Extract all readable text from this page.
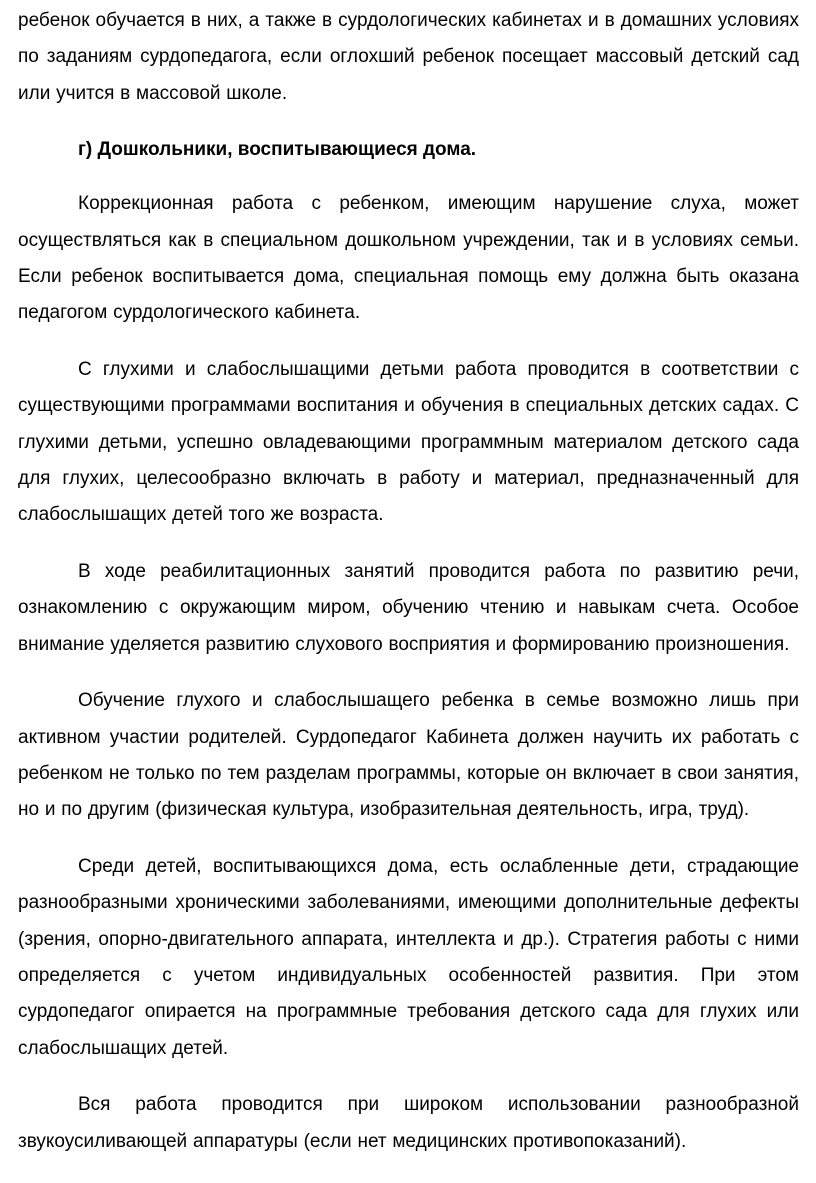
ребенок обучается в них, а также в сурдологических кабинетах и в домашних условиях по заданиям сурдопедагога, если оглохший ребенок посещает массовый детский сад или учится в массовой школе.

г) Дошкольники, воспитывающиеся дома.

Коррекционная работа с ребенком, имеющим нарушение слуха, может осуществляться как в специальном дошкольном учреждении, так и в условиях семьи. Если ребенок воспитывается дома, специальная помощь ему должна быть оказана педагогом сурдологического кабинета.

С глухими и слабослышащими детьми работа проводится в соответствии с существующими программами воспитания и обучения в специальных детских садах. С глухими детьми, успешно овладевающими программным материалом детского сада для глухих, целесообразно включать в работу и материал, предназначенный для слабослышащих детей того же возраста.

В ходе реабилитационных занятий проводится работа по развитию речи, ознакомлению с окружающим миром, обучению чтению и навыкам счета. Особое внимание уделяется развитию слухового восприятия и формированию произношения.

Обучение глухого и слабослышащего ребенка в семье возможно лишь при активном участии родителей. Сурдопедагог Кабинета должен научить их работать с ребенком не только по тем разделам программы, которые он включает в свои занятия, но и по другим (физическая культура, изобразительная деятельность, игра, труд).

Среди детей, воспитывающихся дома, есть ослабленные дети, страдающие разнообразными хроническими заболеваниями, имеющими дополнительные дефекты (зрения, опорно-двигательного аппарата, интеллекта и др.). Стратегия работы с ними определяется с учетом индивидуальных особенностей развития. При этом сурдопедагог опирается на программные требования детского сада для глухих или слабослышащих детей.

Вся работа проводится при широком использовании разнообразной звукоусиливающей аппаратуры (если нет медицинских противопоказаний).
